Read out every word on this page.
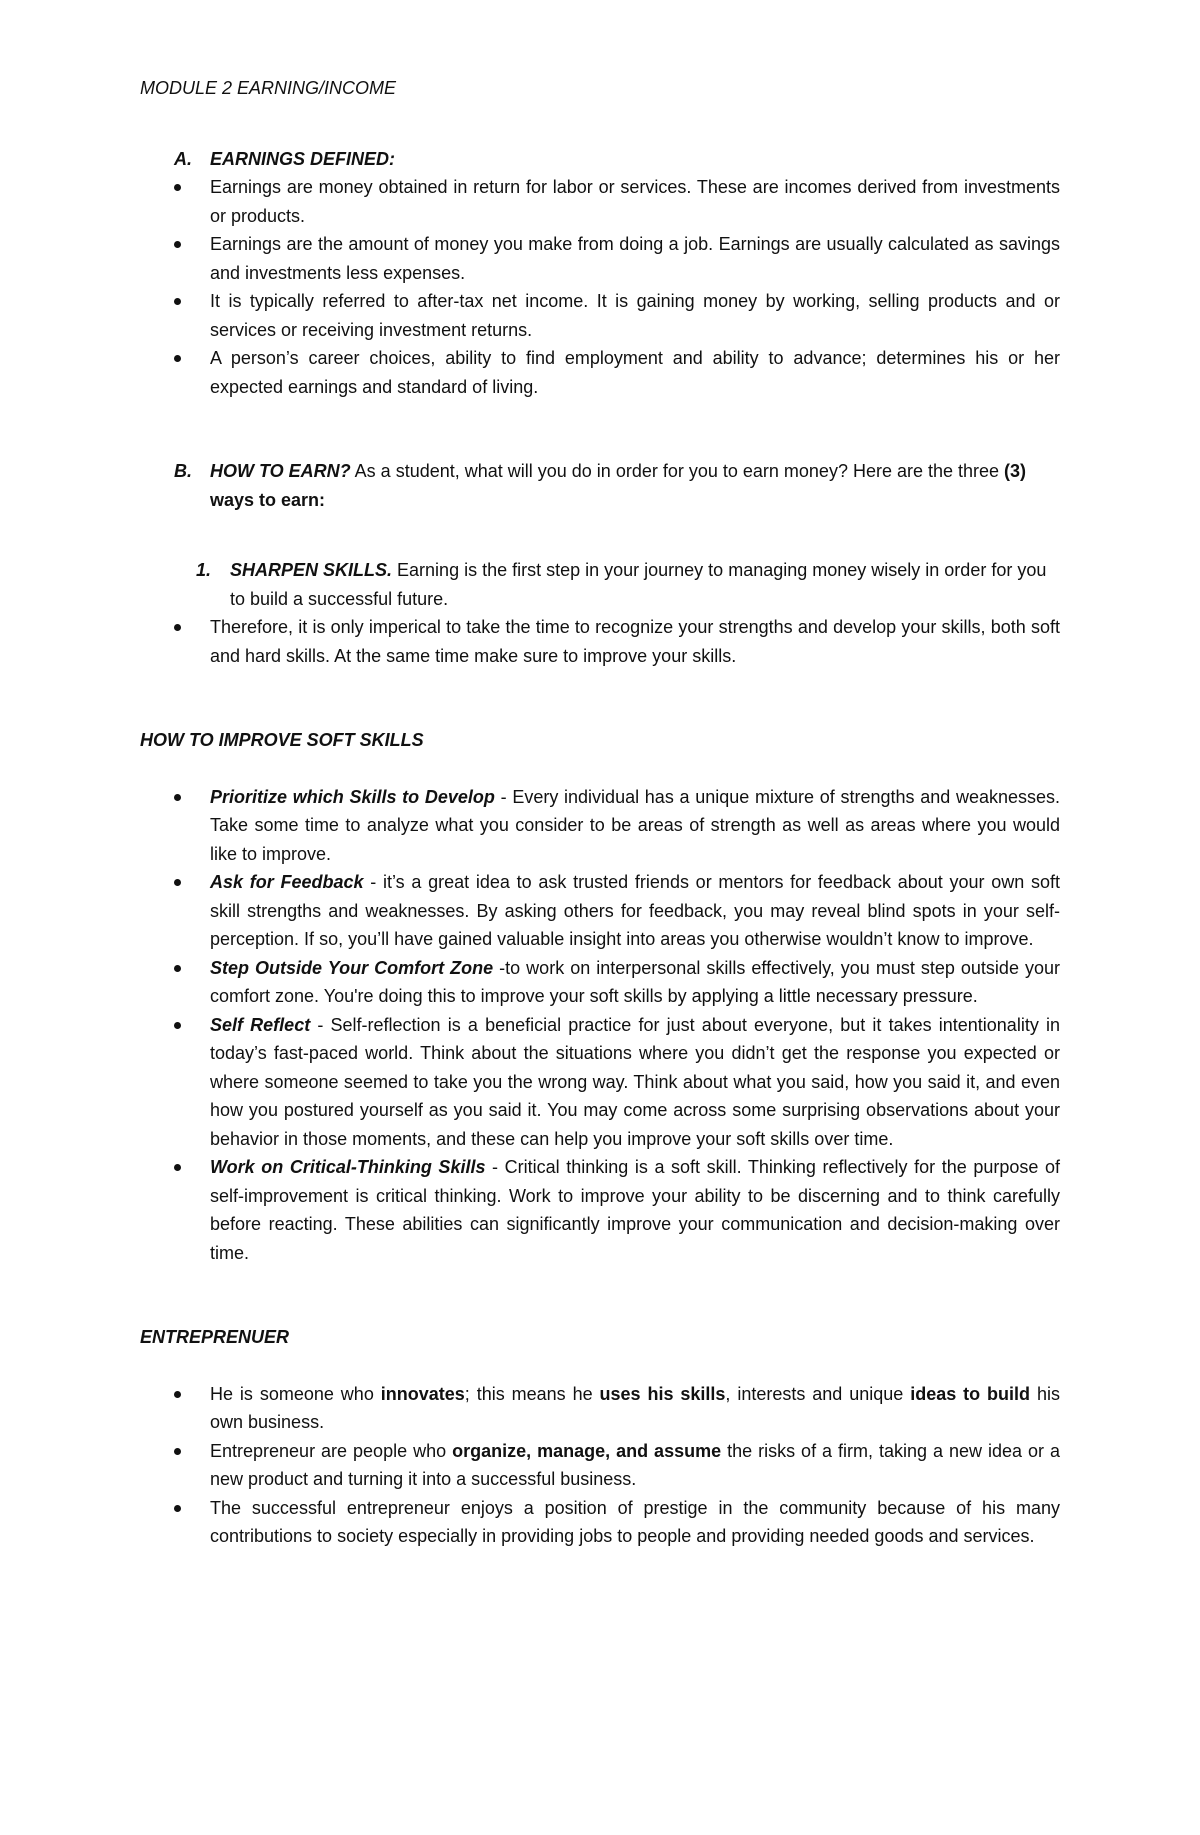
MODULE 2 EARNING/INCOME
A.	EARNINGS DEFINED:
Earnings are money obtained in return for labor or services. These are incomes derived from investments or products.
Earnings are the amount of money you make from doing a job. Earnings are usually calculated as savings and investments less expenses.
It is typically referred to after-tax net income. It is gaining money by working, selling products and or services or receiving investment returns.
A person’s career choices, ability to find employment and ability to advance; determines his or her expected earnings and standard of living.
B.	HOW TO EARN? As a student, what will you do in order for you to earn money? Here are the three (3) ways to earn:
1.	SHARPEN SKILLS. Earning is the first step in your journey to managing money wisely in order for you to build a successful future.
Therefore, it is only imperical to take the time to recognize your strengths and develop your skills, both soft and hard skills. At the same time make sure to improve your skills.
HOW TO IMPROVE SOFT SKILLS
Prioritize which Skills to Develop - Every individual has a unique mixture of strengths and weaknesses. Take some time to analyze what you consider to be areas of strength as well as areas where you would like to improve.
Ask for Feedback - it’s a great idea to ask trusted friends or mentors for feedback about your own soft skill strengths and weaknesses. By asking others for feedback, you may reveal blind spots in your self-perception. If so, you’ll have gained valuable insight into areas you otherwise wouldn’t know to improve.
Step Outside Your Comfort Zone -to work on interpersonal skills effectively, you must step outside your comfort zone. You're doing this to improve your soft skills by applying a little necessary pressure.
Self Reflect - Self-reflection is a beneficial practice for just about everyone, but it takes intentionality in today’s fast-paced world. Think about the situations where you didn’t get the response you expected or where someone seemed to take you the wrong way. Think about what you said, how you said it, and even how you postured yourself as you said it. You may come across some surprising observations about your behavior in those moments, and these can help you improve your soft skills over time.
Work on Critical-Thinking Skills - Critical thinking is a soft skill. Thinking reflectively for the purpose of self-improvement is critical thinking. Work to improve your ability to be discerning and to think carefully before reacting. These abilities can significantly improve your communication and decision-making over time.
ENTREPRENUER
He is someone who innovates; this means he uses his skills, interests and unique ideas to build his own business.
Entrepreneur are people who organize, manage, and assume the risks of a firm, taking a new idea or a new product and turning it into a successful business.
The successful entrepreneur enjoys a position of prestige in the community because of his many contributions to society especially in providing jobs to people and providing needed goods and services.
